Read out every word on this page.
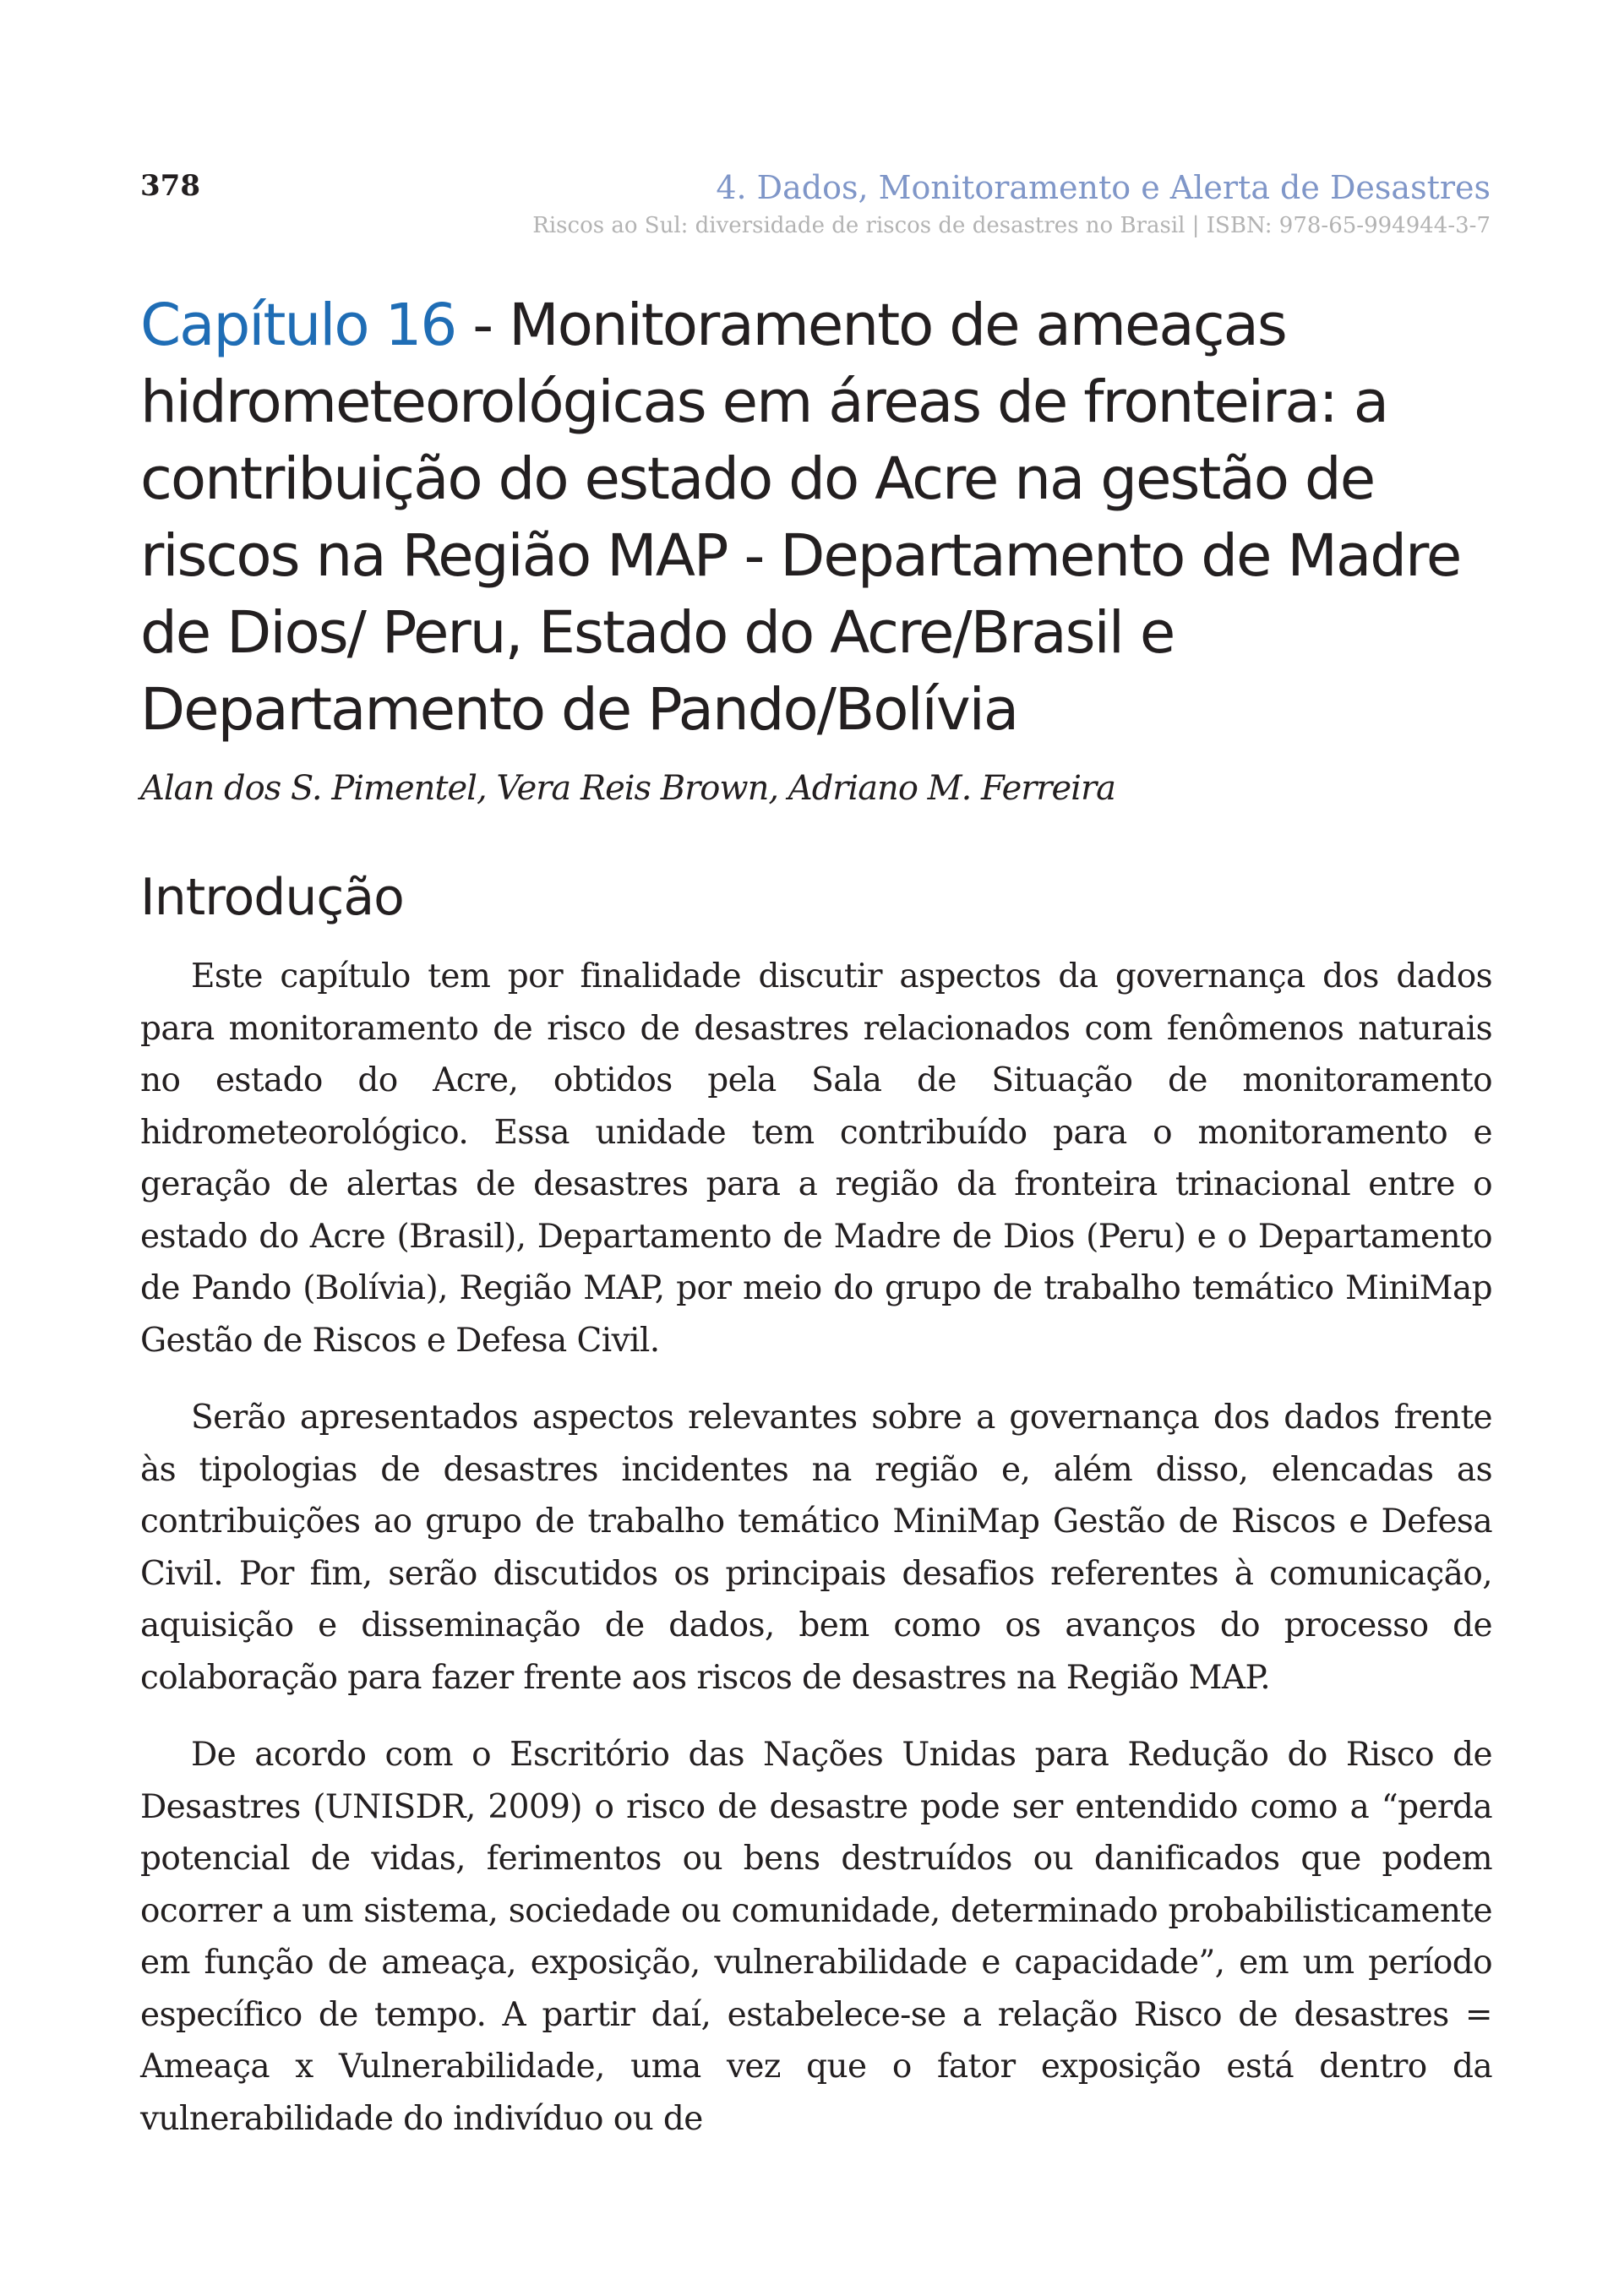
378	4. Dados, Monitoramento e Alerta de Desastres
Riscos ao Sul: diversidade de riscos de desastres no Brasil | ISBN: 978-65-994944-3-7
Capítulo 16 - Monitoramento de ameaças hidrometeorológicas em áreas de fronteira: a contribuição do estado do Acre na gestão de riscos na Região MAP - Departamento de Madre de Dios/ Peru, Estado do Acre/Brasil e Departamento de Pando/Bolívia
Alan dos S. Pimentel, Vera Reis Brown, Adriano M. Ferreira
Introdução

Este capítulo tem por finalidade discutir aspectos da governança dos dados para monitoramento de risco de desastres relacionados com fenômenos naturais no estado do Acre, obtidos pela Sala de Situação de monitoramento hidrometeorológico. Essa unidade tem contribuído para o monitoramento e geração de alertas de desastres para a região da fronteira trinacional entre o estado do Acre (Brasil), Departamento de Madre de Dios (Peru) e o Departamento de Pando (Bolívia), Região MAP, por meio do grupo de trabalho temático MiniMap Gestão de Riscos e Defesa Civil.

Serão apresentados aspectos relevantes sobre a governança dos dados frente às tipologias de desastres incidentes na região e, além disso, elencadas as contribuições ao grupo de trabalho temático MiniMap Gestão de Riscos e Defesa Civil. Por fim, serão discutidos os principais desafios referentes à comunicação, aquisição e disseminação de dados, bem como os avanços do processo de colaboração para fazer frente aos riscos de desastres na Região MAP.

De acordo com o Escritório das Nações Unidas para Redução do Risco de Desastres (UNISDR, 2009) o risco de desastre pode ser entendido como a “perda potencial de vidas, ferimentos ou bens destruídos ou danificados que podem ocorrer a um sistema, sociedade ou comunidade, determinado probabilisticamente em função de ameaça, exposição, vulnerabilidade e capacidade”, em um período específico de tempo. A partir daí, estabelece-se a relação Risco de desastres = Ameaça x Vulnerabilidade, uma vez que o fator exposição está dentro da vulnerabilidade do indivíduo ou de
